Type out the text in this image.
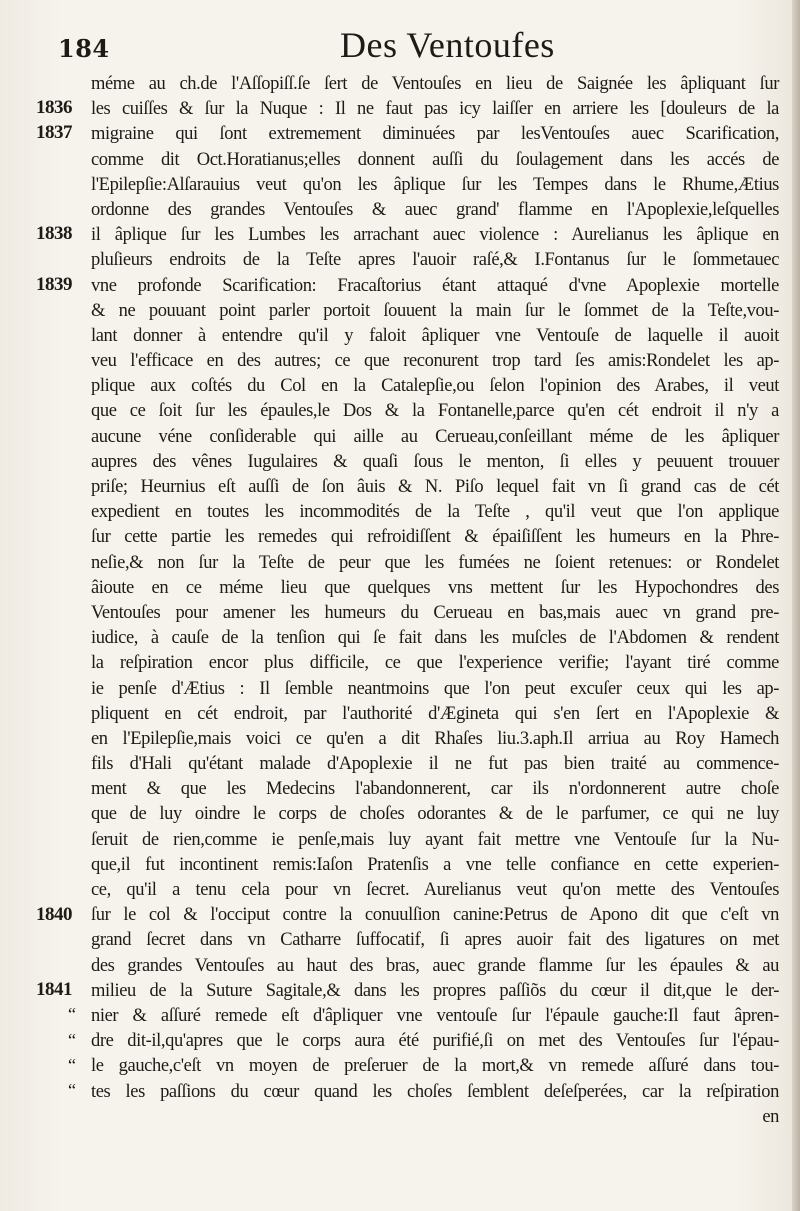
184	Des Ventoufes
1836
1837
1838
1839
1840
1841
“
“
“
“
méme au ch.de l'Aſſopiſſ.ſe ſert de Ventouſes en lieu de Saignée les âpliquant ſur
les cuiſſes & ſur la Nuque : Il ne faut pas icy laiſſer en arriere les [douleurs de la
migraine qui ſont extremement diminuées par lesVentouſes auec Scarification,
comme dit Oct.Horatianus;elles donnent auſſi du ſoulagement dans les accés de
l'Epilepſie:Alſarauius veut qu'on les âplique ſur les Tempes dans le Rhume,Ætius
ordonne des grandes Ventouſes & auec grand' flamme en l'Apoplexie,leſquelles
il âplique ſur les Lumbes les arrachant auec violence : Aurelianus les âplique en
pluſieurs endroits de la Teſte apres l'auoir raſé,& I.Fontanus ſur le ſommetauec
vne profonde Scarification: Fracaſtorius étant attaqué d'vne Apoplexie mortelle
& ne pouuant point parler portoit ſouuent la main ſur le ſommet de la Teſte,vou-
lant donner à entendre qu'il y faloit âpliquer vne Ventouſe de laquelle il auoit
veu l'efficace en des autres; ce que reconurent trop tard ſes amis:Rondelet les ap-
plique aux coſtés du Col en la Catalepſie,ou ſelon l'opinion des Arabes, il veut
que ce ſoit ſur les épaules,le Dos & la Fontanelle,parce qu'en cét endroit il n'y a
aucune véne conſiderable qui aille au Cerueau,conſeillant méme de les âpliquer
aupres des vênes Iugulaires & quaſi ſous le menton, ſi elles y peuuent trouuer
priſe; Heurnius eſt auſſi de ſon âuis & N. Piſo lequel fait vn ſi grand cas de cét
expedient en toutes les incommodités de la Teſte , qu'il veut que l'on applique
ſur cette partie les remedes qui refroidiſſent & épaiſiſſent les humeurs en la Phre-
neſie,& non ſur la Teſte de peur que les fumées ne ſoient retenues: or Rondelet
âioute en ce méme lieu que quelques vns mettent ſur les Hypochondres des
Ventouſes pour amener les humeurs du Cerueau en bas,mais auec vn grand pre-
iudice, à cauſe de la tenſion qui ſe fait dans les muſcles de l'Abdomen & rendent
la reſpiration encor plus difficile, ce que l'experience verifie; l'ayant tiré comme
ie penſe d'Ætius : Il ſemble neantmoins que l'on peut excuſer ceux qui les ap-
pliquent en cét endroit, par l'authorité d'Ægineta qui s'en ſert en l'Apoplexie &
en l'Epilepſie,mais voici ce qu'en a dit Rhaſes liu.3.aph.Il arriua au Roy Hamech
fils d'Hali qu'étant malade d'Apoplexie il ne fut pas bien traité au commence-
ment & que les Medecins l'abandonnerent, car ils n'ordonnerent autre choſe
que de luy oindre le corps de choſes odorantes & de le parfumer, ce qui ne luy
ſeruit de rien,comme ie penſe,mais luy ayant fait mettre vne Ventouſe ſur la Nu-
que,il fut incontinent remis:Iaſon Pratenſis a vne telle confiance en cette experien-
ce, qu'il a tenu cela pour vn ſecret. Aurelianus veut qu'on mette des Ventouſes
ſur le col & l'occiput contre la conuulſion canine:Petrus de Apono dit que c'eſt vn
grand ſecret dans vn Catharre ſuffocatif, ſi apres auoir fait des ligatures on met
des grandes Ventouſes au haut des bras, auec grande flamme ſur les épaules & au
milieu de la Suture Sagitale,& dans les propres paſſiõs du cœur il dit,que le der-
nier & aſſuré remede eſt d'âpliquer vne ventouſe ſur l'épaule gauche:Il faut âpren-
dre dit-il,qu'apres que le corps aura été purifié,ſi on met des Ventouſes ſur l'épau-
le gauche,c'eſt vn moyen de preſeruer de la mort,& vn remede aſſuré dans tou-
tes les paſſions du cœur quand les choſes ſemblent deſeſperées, car la reſpiration
en
